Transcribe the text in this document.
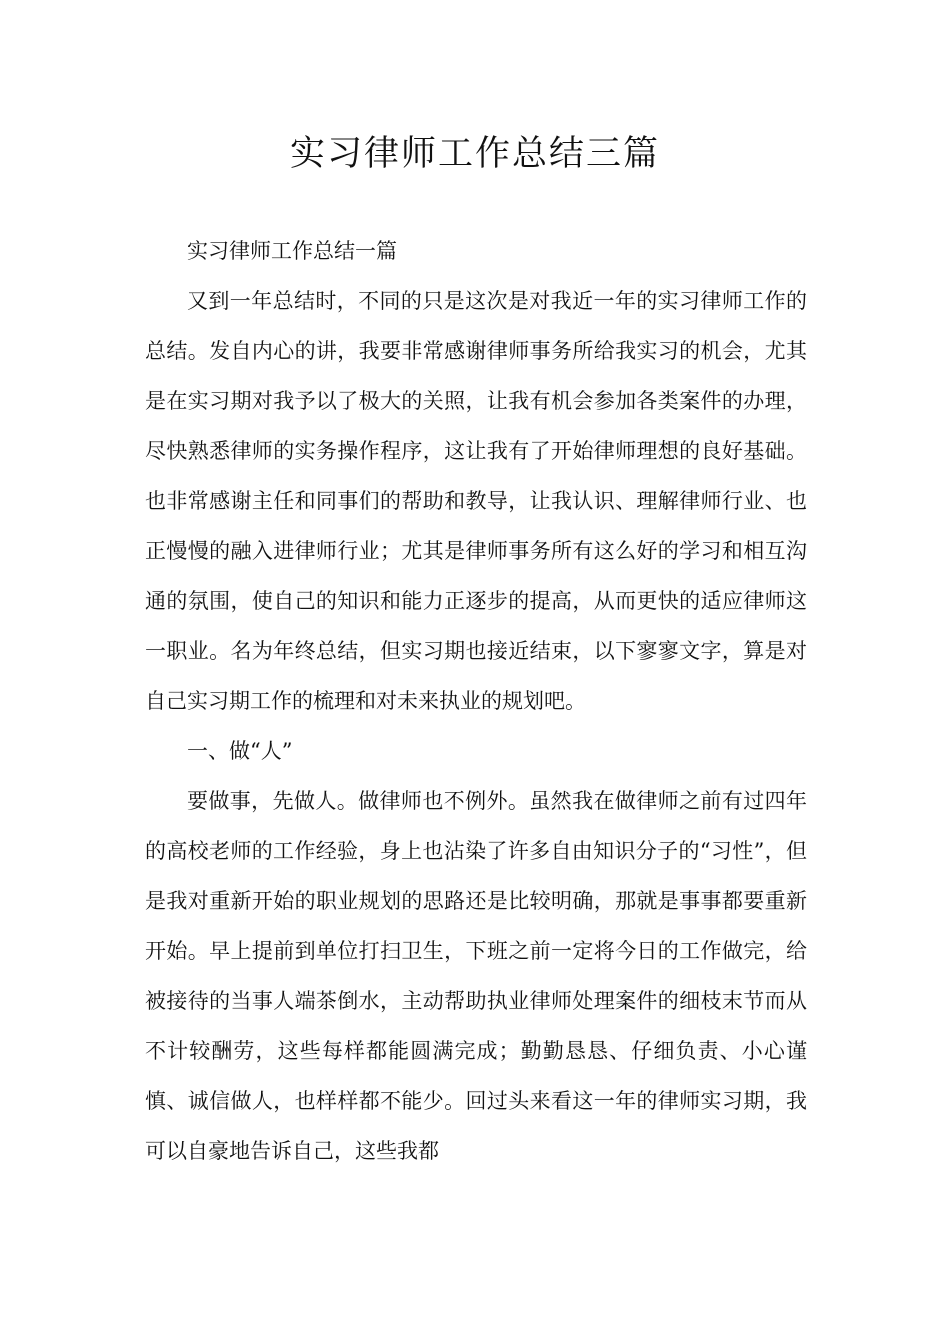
实习律师工作总结三篇

实习律师工作总结一篇

又到一年总结时，不同的只是这次是对我近一年的实习律师工作的总结。发自内心的讲，我要非常感谢律师事务所给我实习的机会，尤其是在实习期对我予以了极大的关照，让我有机会参加各类案件的办理，尽快熟悉律师的实务操作程序，这让我有了开始律师理想的良好基础。也非常感谢主任和同事们的帮助和教导，让我认识、理解律师行业、也正慢慢的融入进律师行业；尤其是律师事务所有这么好的学习和相互沟通的氛围，使自己的知识和能力正逐步的提高，从而更快的适应律师这一职业。名为年终总结，但实习期也接近结束，以下寥寥文字，算是对自己实习期工作的梳理和对未来执业的规划吧。

一、做“人”

要做事，先做人。做律师也不例外。虽然我在做律师之前有过四年的高校老师的工作经验，身上也沾染了许多自由知识分子的“习性”，但是我对重新开始的职业规划的思路还是比较明确，那就是事事都要重新开始。早上提前到单位打扫卫生，下班之前一定将今日的工作做完，给被接待的当事人端茶倒水，主动帮助执业律师处理案件的细枝末节而从不计较酬劳，这些每样都能圆满完成；勤勤恳恳、仔细负责、小心谨慎、诚信做人，也样样都不能少。回过头来看这一年的律师实习期，我可以自豪地告诉自己，这些我都
